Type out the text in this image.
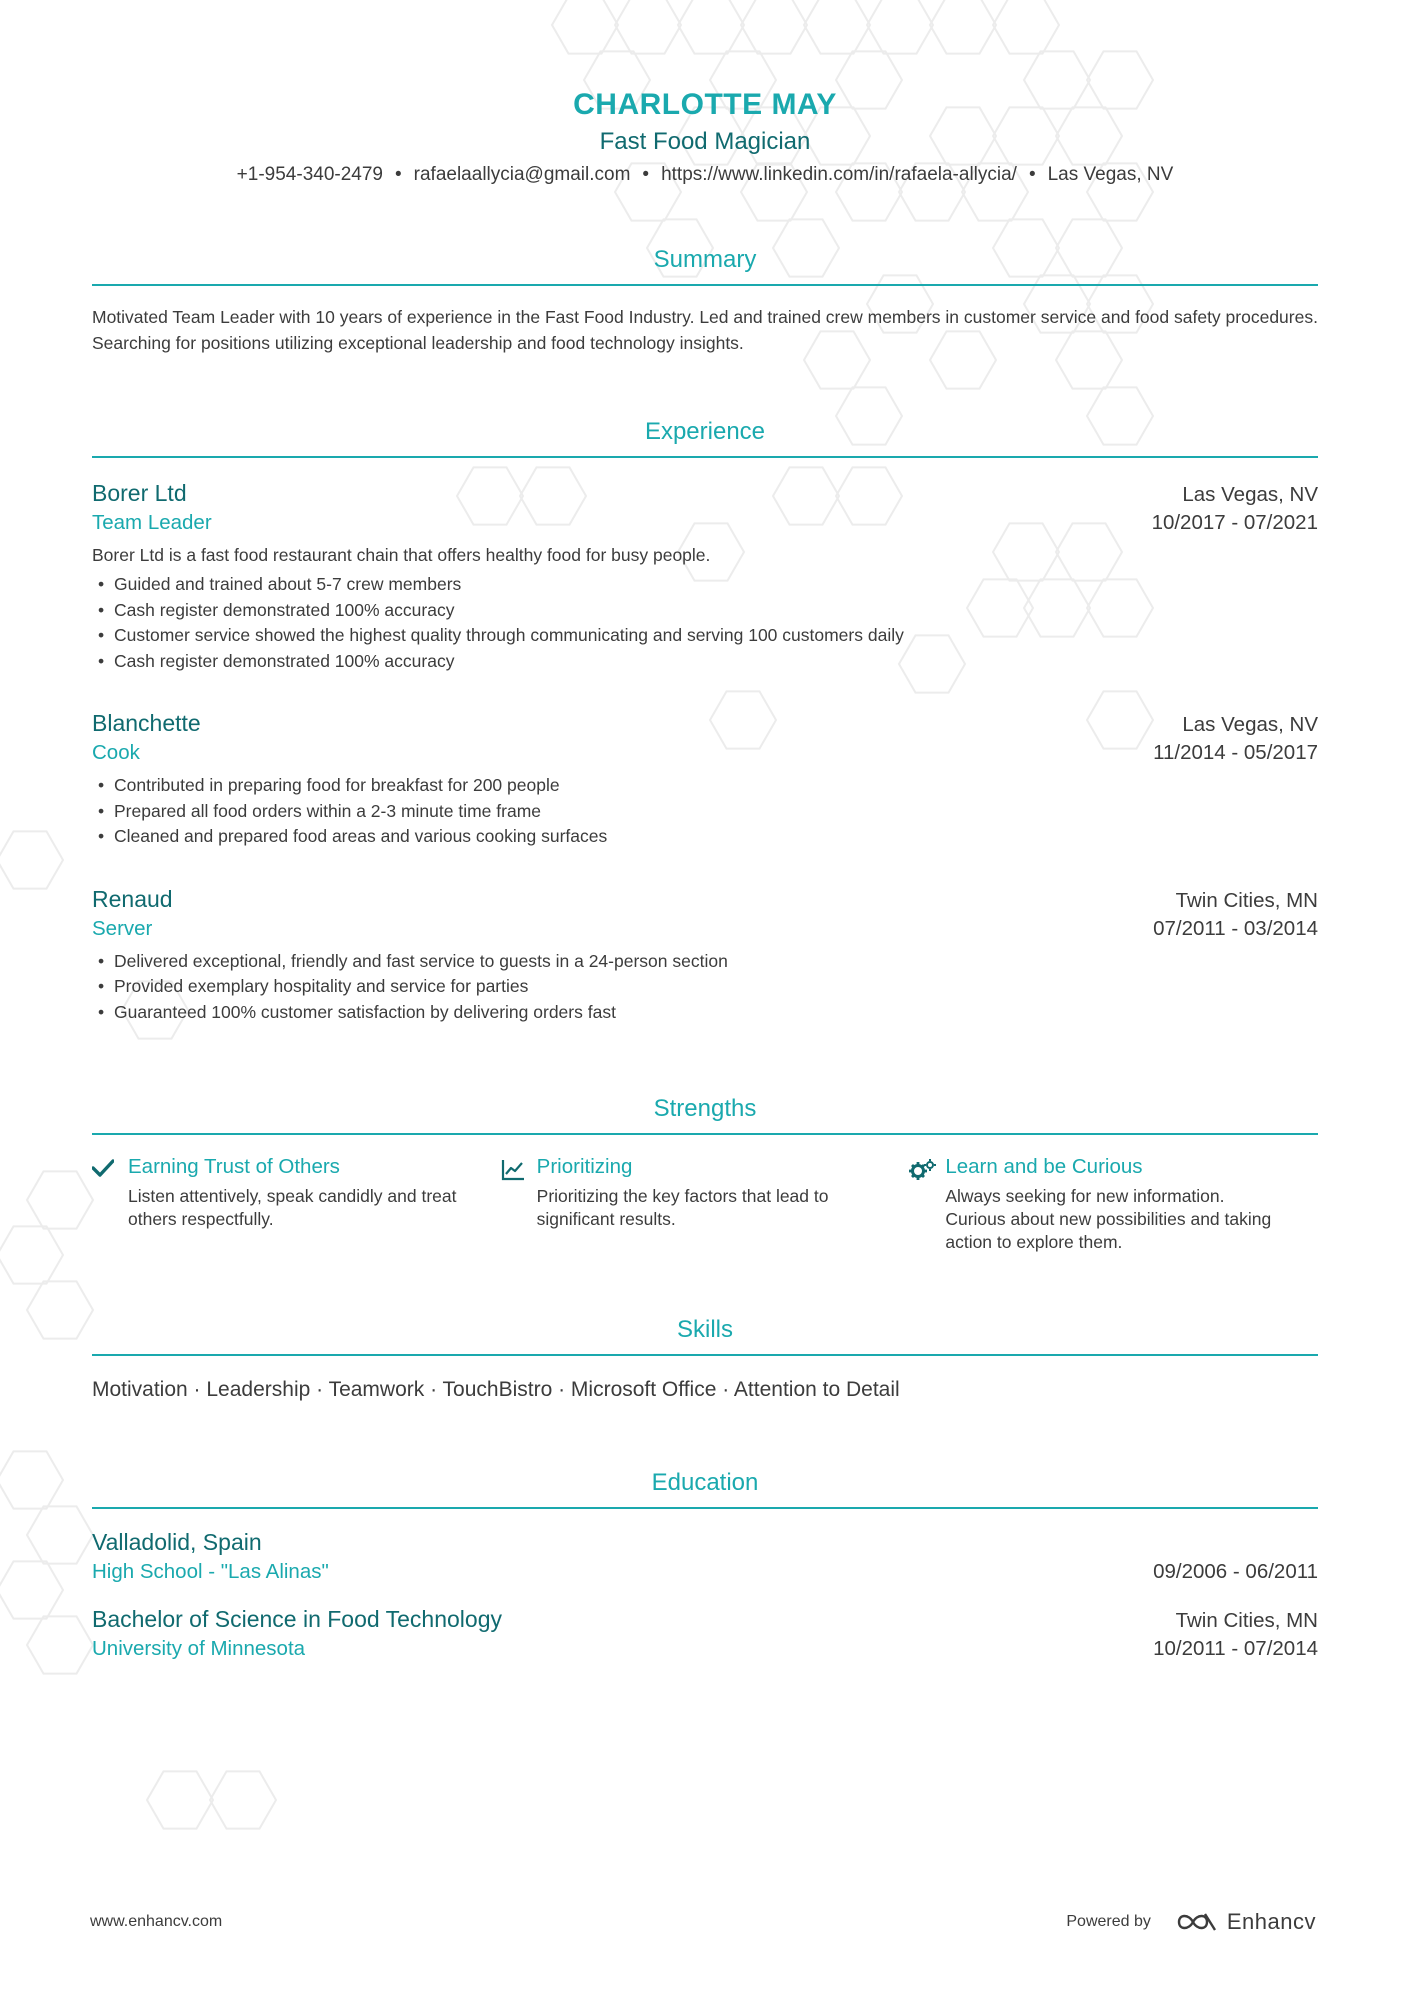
CHARLOTTE MAY
Fast Food Magician
+1-954-340-2479 • rafaelaallycia@gmail.com • https://www.linkedin.com/in/rafaela-allycia/ • Las Vegas, NV
Summary
Motivated Team Leader with 10 years of experience in the Fast Food Industry. Led and trained crew members in customer service and food safety procedures. Searching for positions utilizing exceptional leadership and food technology insights.
Experience
Borer Ltd	Las Vegas, NV
Team Leader	10/2017 - 07/2021
Borer Ltd is a fast food restaurant chain that offers healthy food for busy people.
• Guided and trained about 5-7 crew members
• Cash register demonstrated 100% accuracy
• Customer service showed the highest quality through communicating and serving 100 customers daily
• Cash register demonstrated 100% accuracy
Blanchette	Las Vegas, NV
Cook	11/2014 - 05/2017
• Contributed in preparing food for breakfast for 200 people
• Prepared all food orders within a 2-3 minute time frame
• Cleaned and prepared food areas and various cooking surfaces
Renaud	Twin Cities, MN
Server	07/2011 - 03/2014
• Delivered exceptional, friendly and fast service to guests in a 24-person section
• Provided exemplary hospitality and service for parties
• Guaranteed 100% customer satisfaction by delivering orders fast
Strengths
Earning Trust of Others
Listen attentively, speak candidly and treat others respectfully.
Prioritizing
Prioritizing the key factors that lead to significant results.
Learn and be Curious
Always seeking for new information. Curious about new possibilities and taking action to explore them.
Skills
Motivation · Leadership · Teamwork · TouchBistro · Microsoft Office · Attention to Detail
Education
Valladolid, Spain
High School - "Las Alinas"	09/2006 - 06/2011
Bachelor of Science in Food Technology	Twin Cities, MN
University of Minnesota	10/2011 - 07/2014
www.enhancv.com	Powered by	Enhancv
